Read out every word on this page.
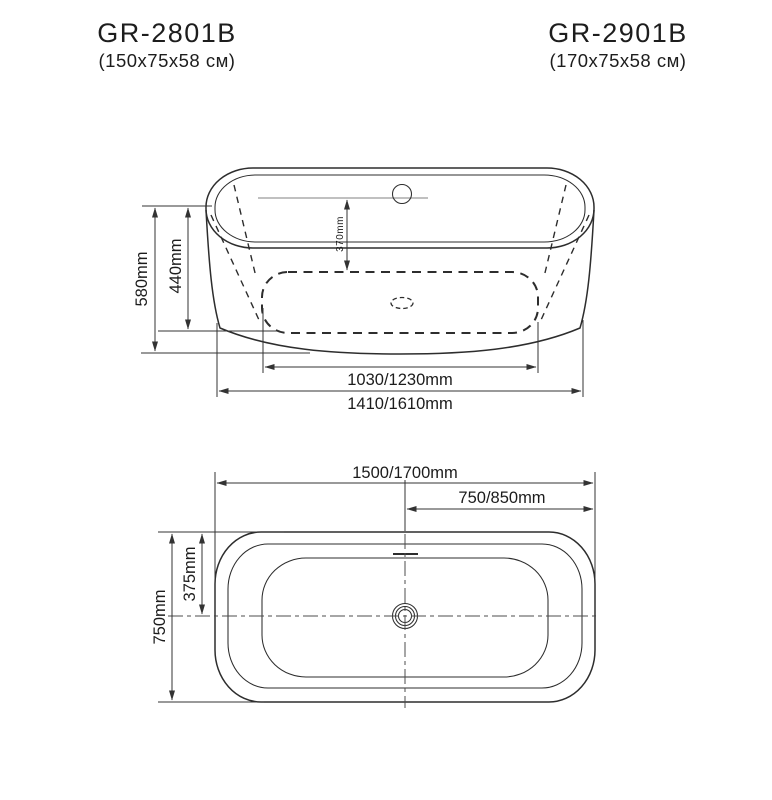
GR-2801B
(150x75x58 см)
GR-2901B
(170x75x58 см)
580mm 440mm
370mm
1030/1230mm
1410/1610mm
1500/1700mm
750/850mm
750mm
375mm
